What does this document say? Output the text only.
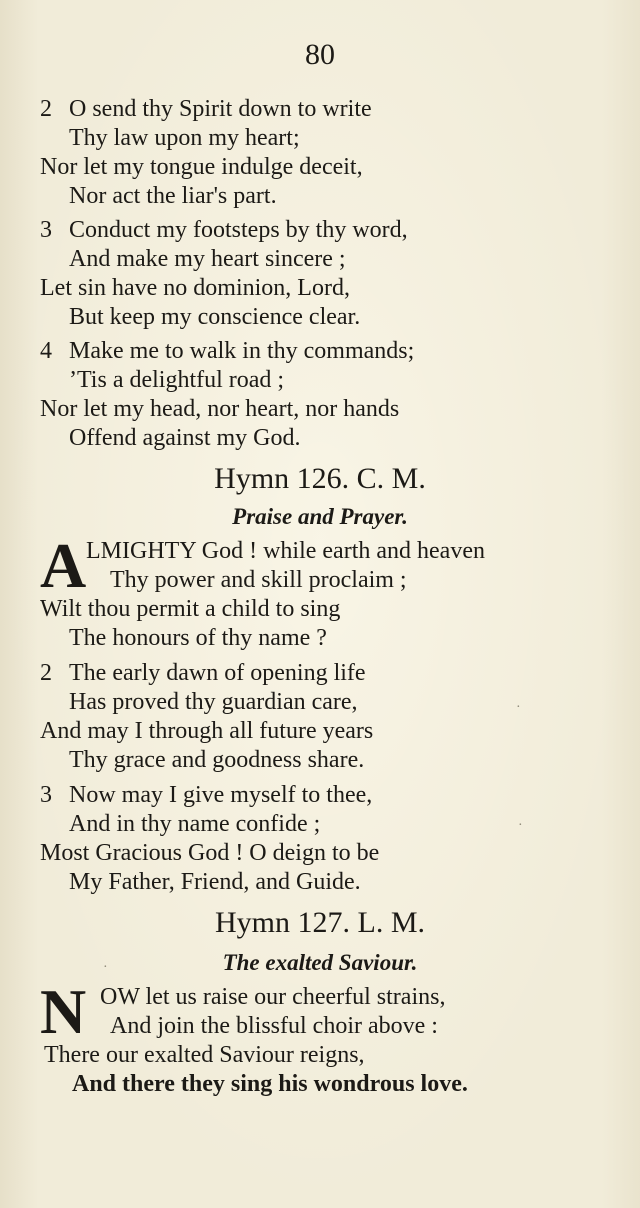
80
2 O send thy Spirit down to write
Thy law upon my heart;
Nor let my tongue indulge deceit,
Nor act the liar's part.
3 Conduct my footsteps by thy word,
And make my heart sincere ;
Let sin have no dominion, Lord,
But keep my conscience clear.
4 Make me to walk in thy commands;
’Tis a delightful road ;
Nor let my head, nor heart, nor hands
Offend against my God.
Hymn 126. C. M.
Praise and Prayer.
A LMIGHTY God ! while earth and heaven
Thy power and skill proclaim ;
Wilt thou permit a child to sing
The honours of thy name ?
2 The early dawn of opening life
Has proved thy guardian care,
And may I through all future years
Thy grace and goodness share.
3 Now may I give myself to thee,
And in thy name confide ;
Most Gracious God ! O deign to be
My Father, Friend, and Guide.
Hymn 127. L. M.
The exalted Saviour.
N OW let us raise our cheerful strains,
And join the blissful choir above :
There our exalted Saviour reigns,
And there they sing his wondrous love.
·
·
·
